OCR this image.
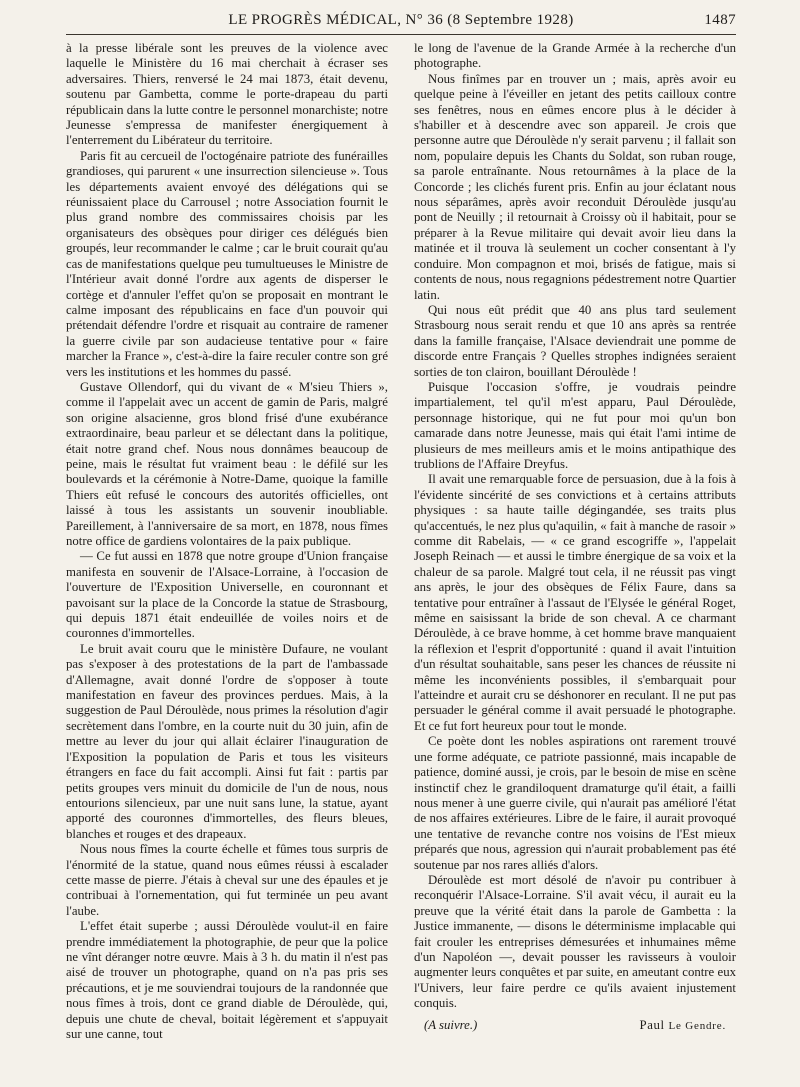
LE PROGRÈS MÉDICAL, N° 36 (8 Septembre 1928)	1487

à la presse libérale sont les preuves de la violence avec laquelle le Ministère du 16 mai cherchait à écraser ses adversaires. Thiers, renversé le 24 mai 1873, était devenu, soutenu par Gambetta, comme le porte-drapeau du parti républicain dans la lutte contre le personnel monarchiste; notre Jeunesse s'empressa de manifester énergiquement à l'enterrement du Libérateur du territoire.

Paris fit au cercueil de l'octogénaire patriote des funérailles grandioses, qui parurent « une insurrection silencieuse ». Tous les départements avaient envoyé des délégations qui se réunissaient place du Carrousel ; notre Association fournit le plus grand nombre des commissaires choisis par les organisateurs des obsèques pour diriger ces délégués bien groupés, leur recommander le calme ; car le bruit courait qu'au cas de manifestations quelque peu tumultueuses le Ministre de l'Intérieur avait donné l'ordre aux agents de disperser le cortège et d'annuler l'effet qu'on se proposait en montrant le calme imposant des républicains en face d'un pouvoir qui prétendait défendre l'ordre et risquait au contraire de ramener la guerre civile par son audacieuse tentative pour « faire marcher la France », c'est-à-dire la faire reculer contre son gré vers les institutions et les hommes du passé.

Gustave Ollendorf, qui du vivant de « M'sieu Thiers », comme il l'appelait avec un accent de gamin de Paris, malgré son origine alsacienne, gros blond frisé d'une exubérance extraordinaire, beau parleur et se délectant dans la politique, était notre grand chef. Nous nous donnâmes beaucoup de peine, mais le résultat fut vraiment beau : le défilé sur les boulevards et la cérémonie à Notre-Dame, quoique la famille Thiers eût refusé le concours des autorités officielles, ont laissé à tous les assistants un souvenir inoubliable. Pareillement, à l'anniversaire de sa mort, en 1878, nous fîmes notre office de gardiens volontaires de la paix publique.

— Ce fut aussi en 1878 que notre groupe d'Union française manifesta en souvenir de l'Alsace-Lorraine, à l'occasion de l'ouverture de l'Exposition Universelle, en couronnant et pavoisant sur la place de la Concorde la statue de Strasbourg, qui depuis 1871 était endeuillée de voiles noirs et de couronnes d'immortelles.

Le bruit avait couru que le ministère Dufaure, ne voulant pas s'exposer à des protestations de la part de l'ambassade d'Allemagne, avait donné l'ordre de s'opposer à toute manifestation en faveur des provinces perdues. Mais, à la suggestion de Paul Déroulède, nous primes la résolution d'agir secrètement dans l'ombre, en la courte nuit du 30 juin, afin de mettre au lever du jour qui allait éclairer l'inauguration de l'Exposition la population de Paris et tous les visiteurs étrangers en face du fait accompli. Ainsi fut fait : partis par petits groupes vers minuit du domicile de l'un de nous, nous entourions silencieux, par une nuit sans lune, la statue, ayant apporté des couronnes d'immortelles, des fleurs bleues, blanches et rouges et des drapeaux.

Nous nous fîmes la courte échelle et fûmes tous surpris de l'énormité de la statue, quand nous eûmes réussi à escalader cette masse de pierre. J'étais à cheval sur une des épaules et je contribuai à l'ornementation, qui fut terminée un peu avant l'aube.

L'effet était superbe ; aussi Déroulède voulut-il en faire prendre immédiatement la photographie, de peur que la police ne vînt déranger notre œuvre. Mais à 3 h. du matin il n'est pas aisé de trouver un photographe, quand on n'a pas pris ses précautions, et je me souviendrai toujours de la randonnée que nous fîmes à trois, dont ce grand diable de Déroulède, qui, depuis une chute de cheval, boitait légèrement et s'appuyait sur une canne, tout

le long de l'avenue de la Grande Armée à la recherche d'un photographe.

Nous finîmes par en trouver un ; mais, après avoir eu quelque peine à l'éveiller en jetant des petits cailloux contre ses fenêtres, nous en eûmes encore plus à le décider à s'habiller et à descendre avec son appareil. Je crois que personne autre que Déroulède n'y serait parvenu ; il fallait son nom, populaire depuis les Chants du Soldat, son ruban rouge, sa parole entraînante. Nous retournâmes à la place de la Concorde ; les clichés furent pris. Enfin au jour éclatant nous nous séparâmes, après avoir reconduit Déroulède jusqu'au pont de Neuilly ; il retournait à Croissy où il habitait, pour se préparer à la Revue militaire qui devait avoir lieu dans la matinée et il trouva là seulement un cocher consentant à l'y conduire. Mon compagnon et moi, brisés de fatigue, mais si contents de nous, nous regagnions pédestrement notre Quartier latin.

Qui nous eût prédit que 40 ans plus tard seulement Strasbourg nous serait rendu et que 10 ans après sa rentrée dans la famille française, l'Alsace deviendrait une pomme de discorde entre Français ? Quelles strophes indignées seraient sorties de ton clairon, bouillant Déroulède !

Puisque l'occasion s'offre, je voudrais peindre impartialement, tel qu'il m'est apparu, Paul Déroulède, personnage historique, qui ne fut pour moi qu'un bon camarade dans notre Jeunesse, mais qui était l'ami intime de plusieurs de mes meilleurs amis et le moins antipathique des trublions de l'Affaire Dreyfus.

Il avait une remarquable force de persuasion, due à la fois à l'évidente sincérité de ses convictions et à certains attributs physiques : sa haute taille dégingandée, ses traits plus qu'accentués, le nez plus qu'aquilin, « fait à manche de rasoir » comme dit Rabelais, — « ce grand escogriffe », l'appelait Joseph Reinach — et aussi le timbre énergique de sa voix et la chaleur de sa parole. Malgré tout cela, il ne réussit pas vingt ans après, le jour des obsèques de Félix Faure, dans sa tentative pour entraîner à l'assaut de l'Elysée le général Roget, même en saisissant la bride de son cheval. A ce charmant Déroulède, à ce brave homme, à cet homme brave manquaient la réflexion et l'esprit d'opportunité : quand il avait l'intuition d'un résultat souhaitable, sans peser les chances de réussite ni même les inconvénients possibles, il s'embarquait pour l'atteindre et aurait cru se déshonorer en reculant. Il ne put pas persuader le général comme il avait persuadé le photographe. Et ce fut fort heureux pour tout le monde.

Ce poète dont les nobles aspirations ont rarement trouvé une forme adéquate, ce patriote passionné, mais incapable de patience, dominé aussi, je crois, par le besoin de mise en scène instinctif chez le grandiloquent dramaturge qu'il était, a failli nous mener à une guerre civile, qui n'aurait pas amélioré l'état de nos affaires extérieures. Libre de le faire, il aurait provoqué une tentative de revanche contre nos voisins de l'Est mieux préparés que nous, agression qui n'aurait probablement pas été soutenue par nos rares alliés d'alors.

Déroulède est mort désolé de n'avoir pu contribuer à reconquérir l'Alsace-Lorraine. S'il avait vécu, il aurait eu la preuve que la vérité était dans la parole de Gambetta : la Justice immanente, — disons le déterminisme implacable qui fait crouler les entreprises démesurées et inhumaines même d'un Napoléon —, devait pousser les ravisseurs à vouloir augmenter leurs conquêtes et par suite, en ameutant contre eux l'Univers, leur faire perdre ce qu'ils avaient injustement conquis.

(A suivre.)	Paul Le Gendre.
